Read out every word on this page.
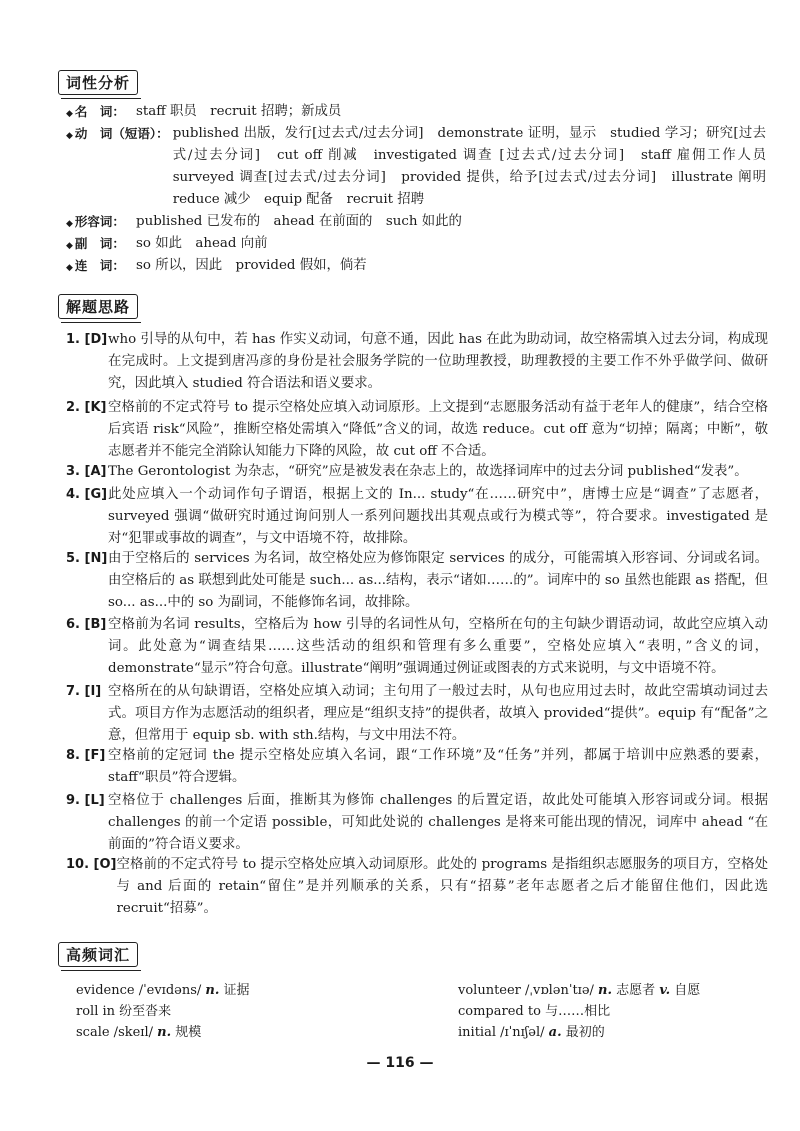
词性分析
◆ 名　词： staff 职员　recruit 招聘；新成员
◆ 动　词（短语）： published 出版，发行[过去式/过去分词]　demonstrate 证明，显示　studied 学习；研究[过去式/过去分词]　cut off 削减　investigated 调查 [过去式/过去分词]　staff 雇佣工作人员　surveyed 调查[过去式/过去分词]　provided 提供，给予[过去式/过去分词]　illustrate 阐明　reduce 减少　equip 配备　recruit 招聘
◆ 形容词： published 已发布的　ahead 在前面的　such 如此的
◆ 副　词： so 如此　ahead 向前
◆ 连　词： so 所以，因此　provided 假如，倘若
解题思路
1. [D] who 引导的从句中，若 has 作实义动词，句意不通，因此 has 在此为助动词，故空格需填入过去分词，构成现在完成时。上文提到唐冯彦的身份是社会服务学院的一位助理教授，助理教授的主要工作不外乎做学问、做研究，因此填入 studied 符合语法和语义要求。
2. [K] 空格前的不定式符号 to 提示空格处应填入动词原形。上文提到“志愿服务活动有益于老年人的健康”，结合空格后宾语 risk“风险”，推断空格处需填入“降低”含义的词，故选 reduce。cut off 意为“切掉；隔离；中断”，敬志愿者并不能完全消除认知能力下降的风险，故 cut off 不合适。
3. [A] The Gerontologist 为杂志，“研究”应是被发表在杂志上的，故选择词库中的过去分词 published“发表”。
4. [G] 此处应填入一个动词作句子谓语，根据上文的 In... study“在……研究中”，唐博士应是“调查”了志愿者，surveyed 强调“做研究时通过询问别人一系列问题找出其观点或行为模式等”，符合要求。investigated 是对“犯罪或事故的调查”，与文中语境不符，故排除。
5. [N] 由于空格后的 services 为名词，故空格处应为修饰限定 services 的成分，可能需填入形容词、分词或名词。由空格后的 as 联想到此处可能是 such... as...结构，表示“诸如……的”。词库中的 so 虽然也能跟 as 搭配，但 so... as...中的 so 为副词，不能修饰名词，故排除。
6. [B] 空格前为名词 results，空格后为 how 引导的名词性从句，空格所在句的主句缺少谓语动词，故此空应填入动词。此处意为“调查结果……这些活动的组织和管理有多么重要”，空格处应填入“表明，”含义的词，demonstrate“显示”符合句意。illustrate“阐明”强调通过例证或图表的方式来说明，与文中语境不符。
7. [I] 空格所在的从句缺谓语，空格处应填入动词；主句用了一般过去时，从句也应用过去时，故此空需填动词过去式。项目方作为志愿活动的组织者，理应是“组织支持”的提供者，故填入 provided“提供”。equip 有“配备”之意，但常用于 equip sb. with sth.结构，与文中用法不符。
8. [F] 空格前的定冠词 the 提示空格处应填入名词，跟“工作环境”及“任务”并列，都属于培训中应熟悉的要素，staff“职员”符合逻辑。
9. [L] 空格位于 challenges 后面，推断其为修饰 challenges 的后置定语，故此处可能填入形容词或分词。根据 challenges 的前一个定语 possible，可知此处说的 challenges 是将来可能出现的情况，词库中 ahead “在前面的”符合语义要求。
10. [O] 空格前的不定式符号 to 提示空格处应填入动词原形。此处的 programs 是指组织志愿服务的项目方，空格处与 and 后面的 retain“留住”是并列顺承的关系，只有“招募”老年志愿者之后才能留住他们，因此选 recruit“招募”。
高频词汇
evidence /ˈevɪdəns/ n. 证据
roll in 纷至沓来
scale /skeɪl/ n. 规模
volunteer /ˌvɒlənˈtɪə/ n. 志愿者 v. 自愿
compared to 与……相比
initial /ɪˈnɪʃəl/ a. 最初的
— 116 —
